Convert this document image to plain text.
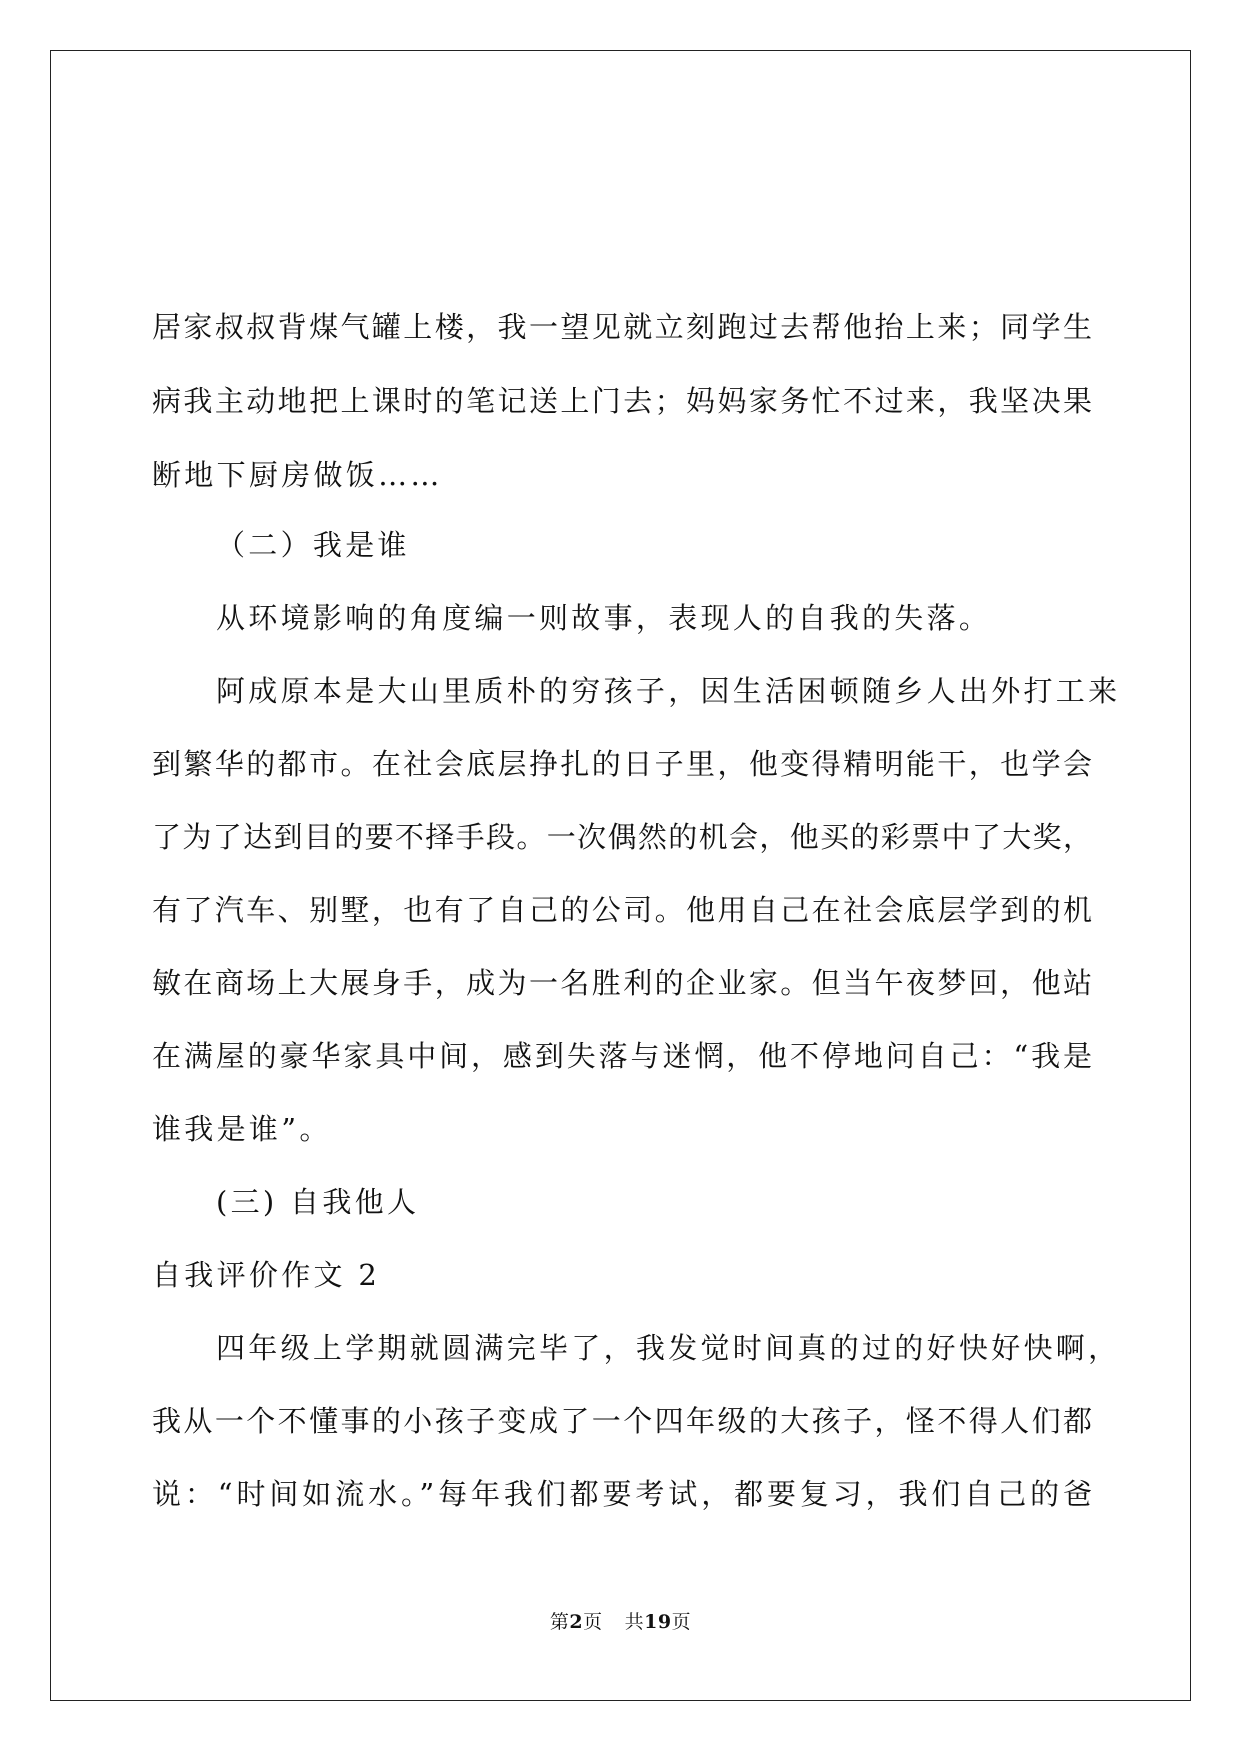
居家叔叔背煤气罐上楼，我一望见就立刻跑过去帮他抬上来；同学生
病我主动地把上课时的笔记送上门去；妈妈家务忙不过来，我坚决果
断地下厨房做饭……
（二）我是谁
从环境影响的角度编一则故事，表现人的自我的失落。
阿成原本是大山里质朴的穷孩子，因生活困顿随乡人出外打工来
到繁华的都市。在社会底层挣扎的日子里，他变得精明能干，也学会
了为了达到目的要不择手段。一次偶然的机会，他买的彩票中了大奖，
有了汽车、别墅，也有了自己的公司。他用自己在社会底层学到的机
敏在商场上大展身手，成为一名胜利的企业家。但当午夜梦回，他站
在满屋的豪华家具中间，感到失落与迷惘，他不停地问自己：“我是
谁我是谁”。
(三) 自我他人
自我评价作文 2
四年级上学期就圆满完毕了，我发觉时间真的过的好快好快啊，
我从一个不懂事的小孩子变成了一个四年级的大孩子，怪不得人们都
说：“时间如流水。”每年我们都要考试，都要复习，我们自己的爸
第2页 共19页
